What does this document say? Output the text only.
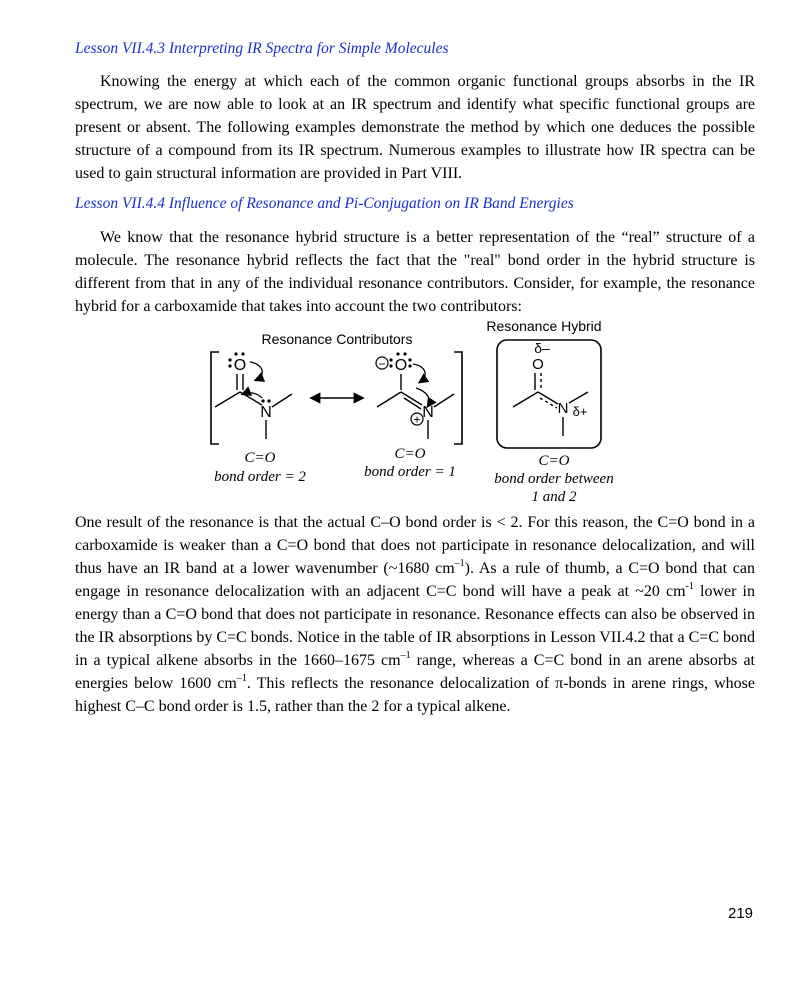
Lesson VII.4.3 Interpreting IR Spectra for Simple Molecules

Knowing the energy at which each of the common organic functional groups absorbs in the IR spectrum, we are now able to look at an IR spectrum and identify what specific functional groups are present or absent. The following examples demonstrate the method by which one deduces the possible structure of a compound from its IR spectrum. Numerous examples to illustrate how IR spectra can be used to gain structural information are provided in Part VIII.

Lesson VII.4.4 Influence of Resonance and Pi-Conjugation on IR Band Energies

We know that the resonance hybrid structure is a better representation of the “real” structure of a molecule. The resonance hybrid reflects the fact that the "real" bond order in the hybrid structure is different from that in any of the individual resonance contributors. Consider, for example, the resonance hybrid for a carboxamide that takes into account the two contributors:

Resonance Contributors
Resonance Hybrid
O
N
− O
N
+
δ–
O
N δ+
C=O
bond order = 2
C=O
bond order = 1
C=O
bond order between
1 and 2

One result of the resonance is that the actual C–O bond order is < 2. For this reason, the C=O bond in a carboxamide is weaker than a C=O bond that does not participate in resonance delocalization, and will thus have an IR band at a lower wavenumber (~1680 $cm^{-1}$). As a rule of thumb, a C=O bond that can engage in resonance delocalization with an adjacent C=C bond will have a peak at ~20 $cm^{-1}$ lower in energy than a C=O bond that does not participate in resonance. Resonance effects can also be observed in the IR absorptions by C=C bonds. Notice in the table of IR absorptions in Lesson VII.4.2 that a C=C bond in a typical alkene absorbs in the 1660–1675 $cm^{-1}$ range, whereas a C=C bond in an arene absorbs at energies below 1600 $cm^{-1}$. This reflects the resonance delocalization of π-bonds in arene rings, whose highest C–C bond order is 1.5, rather than the 2 for a typical alkene.

219
